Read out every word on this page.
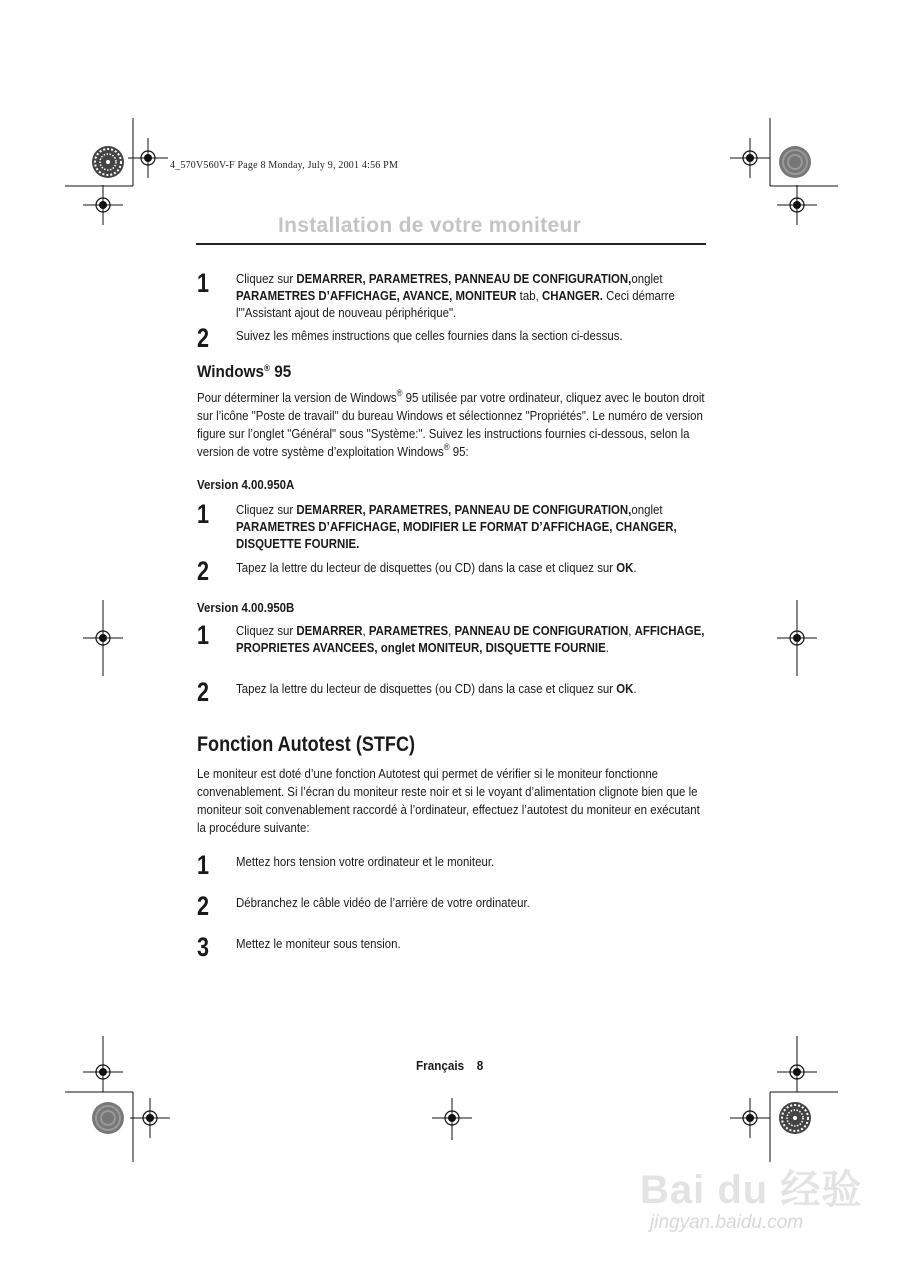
4_570V560V-F Page 8 Monday, July 9, 2001 4:56 PM
Installation de votre moniteur
1 Cliquez sur DEMARRER, PARAMETRES, PANNEAU DE CONFIGURATION,onglet PARAMETRES D’AFFICHAGE, AVANCE, MONITEUR tab, CHANGER. Ceci démarre l'"Assistant ajout de nouveau périphérique".
2 Suivez les mêmes instructions que celles fournies dans la section ci-dessus.
Windows® 95
Pour déterminer la version de Windows® 95 utilisée par votre ordinateur, cliquez avec le bouton droit sur l’icône "Poste de travail" du bureau Windows et sélectionnez "Propriétés". Le numéro de version figure sur l’onglet "Général" sous "Système:". Suivez les instructions fournies ci-dessous, selon la version de votre système d’exploitation Windows® 95:
Version 4.00.950A
1 Cliquez sur DEMARRER, PARAMETRES, PANNEAU DE CONFIGURATION,onglet PARAMETRES D’AFFICHAGE, MODIFIER LE FORMAT D’AFFICHAGE, CHANGER, DISQUETTE FOURNIE.
2 Tapez la lettre du lecteur de disquettes (ou CD) dans la case et cliquez sur OK.
Version 4.00.950B
1 Cliquez sur DEMARRER, PARAMETRES, PANNEAU DE CONFIGURATION, AFFICHAGE, PROPRIETES AVANCEES, onglet MONITEUR, DISQUETTE FOURNIE.
2 Tapez la lettre du lecteur de disquettes (ou CD) dans la case et cliquez sur OK.
Fonction Autotest (STFC)
Le moniteur est doté d’une fonction Autotest qui permet de vérifier si le moniteur fonctionne convenablement. Si l’écran du moniteur reste noir et si le voyant d’alimentation clignote bien que le moniteur soit convenablement raccordé à l’ordinateur, effectuez l’autotest du moniteur en exécutant la procédure suivante:
1 Mettez hors tension votre ordinateur et le moniteur.
2 Débranchez le câble vidéo de l’arrière de votre ordinateur.
3 Mettez le moniteur sous tension.
Français 8
Bai du 经验
jingyan.baidu.com
